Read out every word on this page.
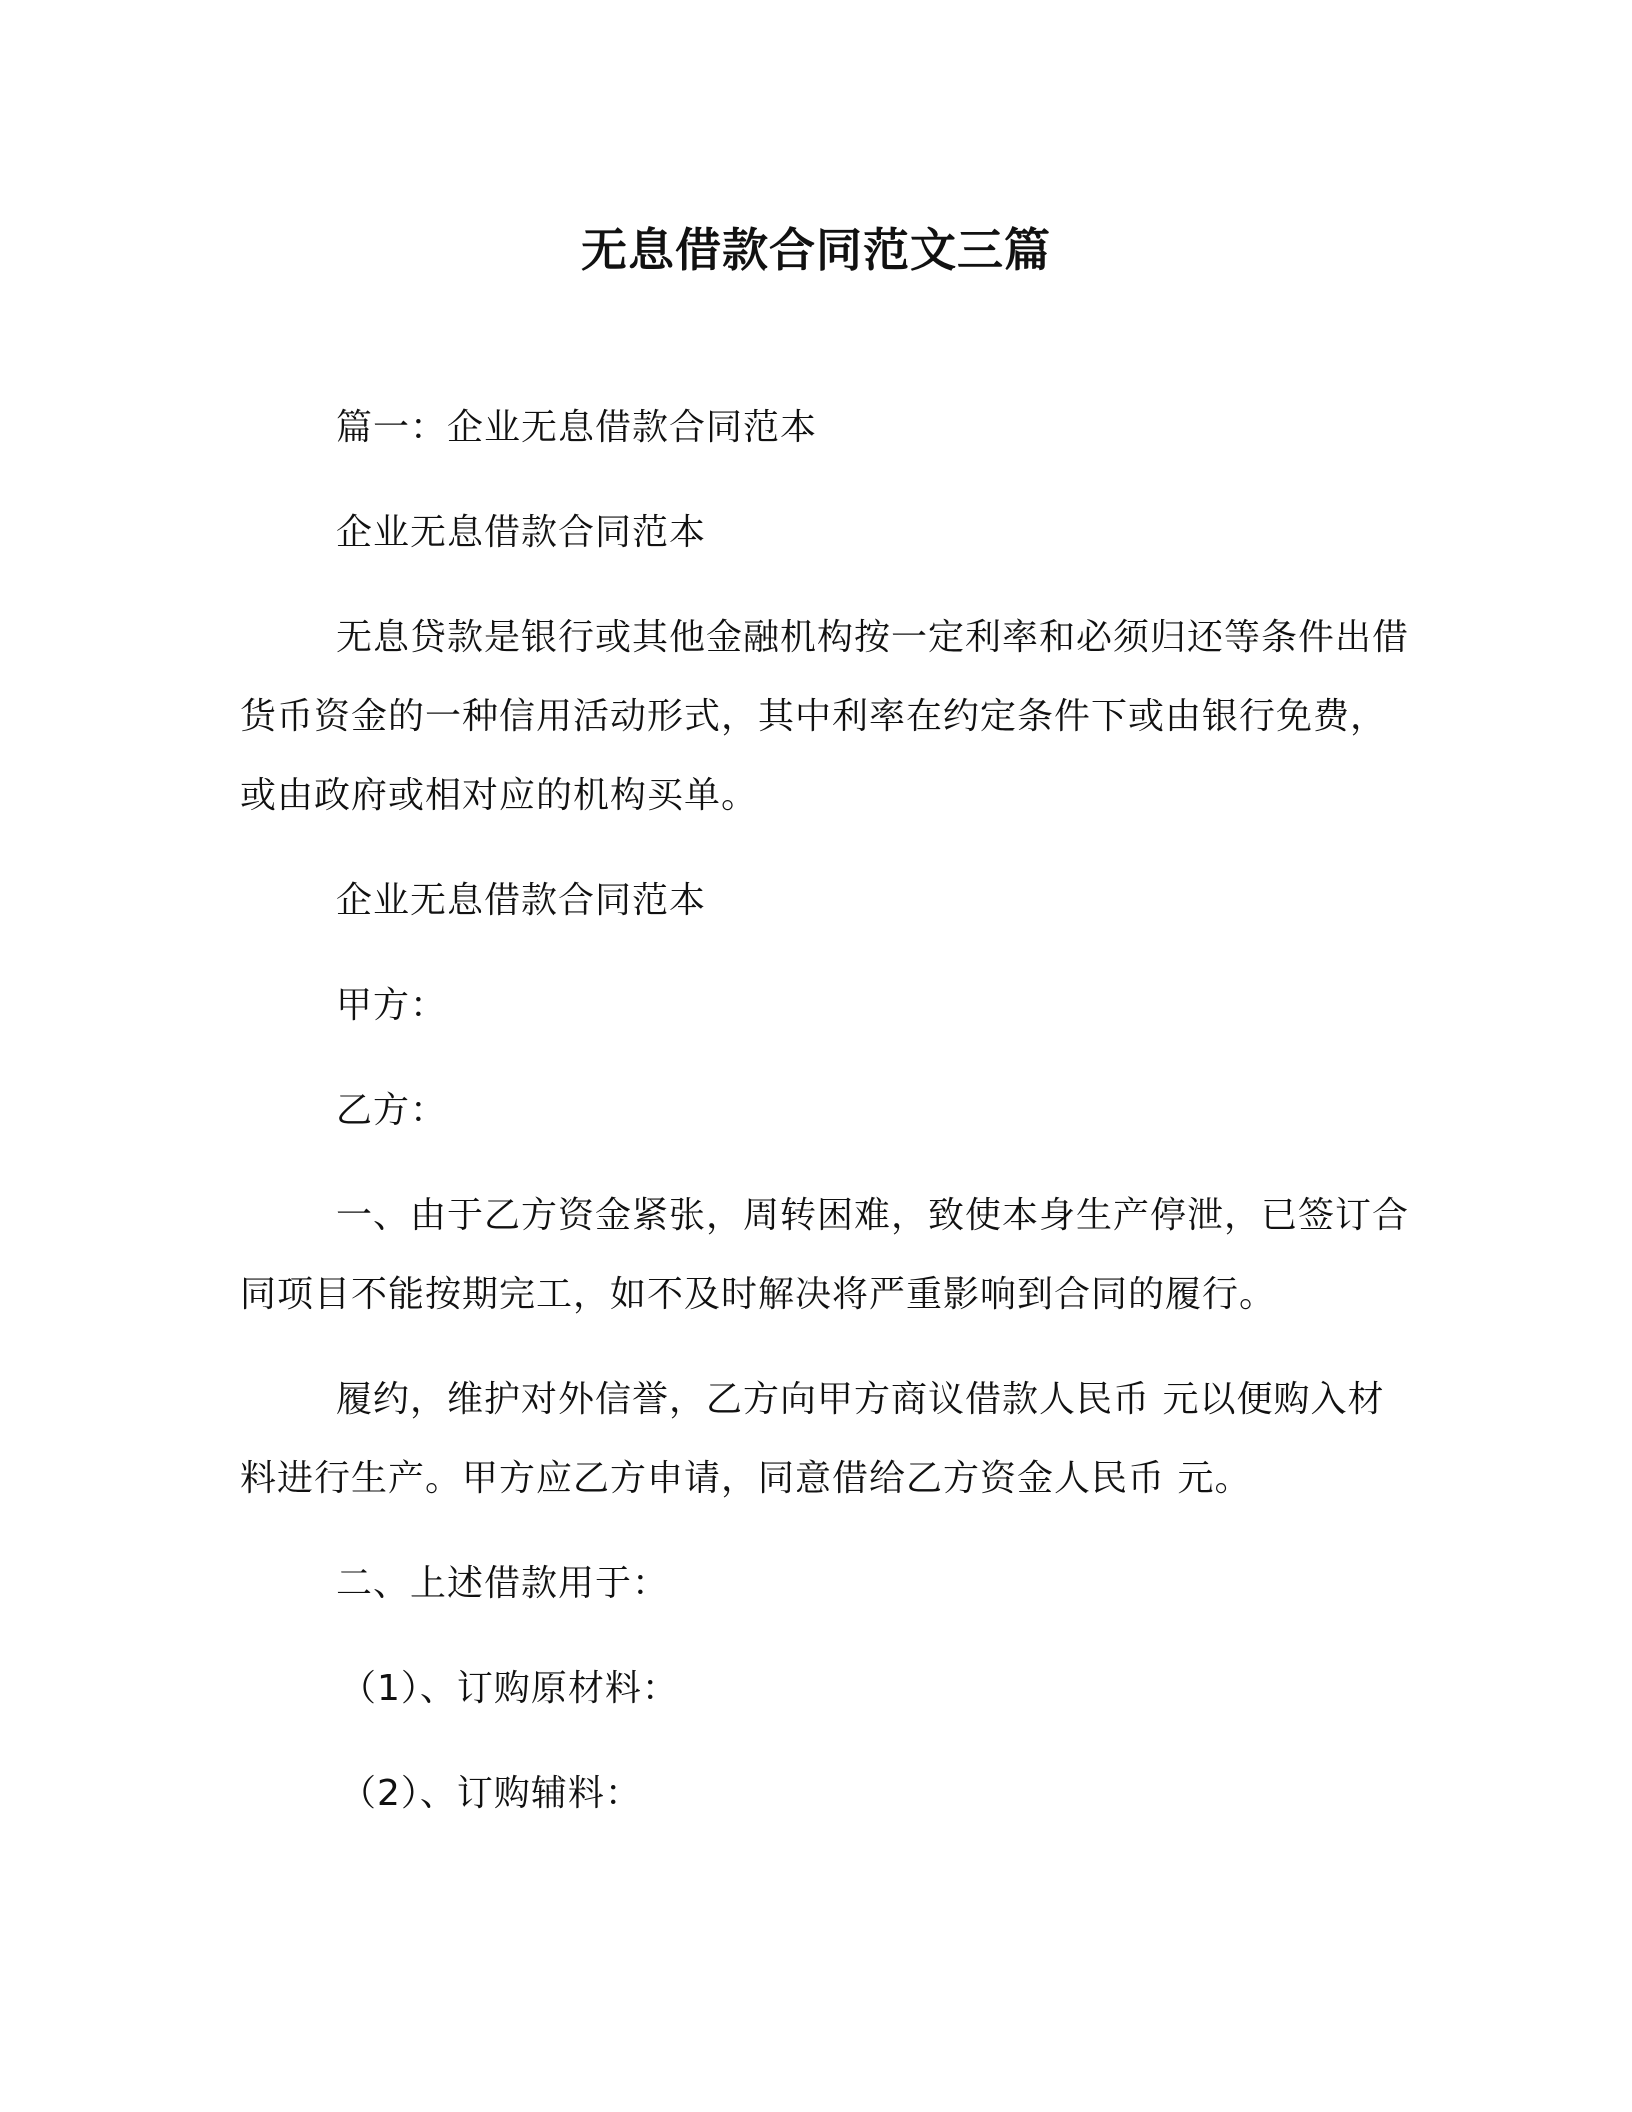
无息借款合同范文三篇

篇一：企业无息借款合同范本

企业无息借款合同范本

无息贷款是银行或其他金融机构按一定利率和必须归还等条件出借货币资金的一种信用活动形式，其中利率在约定条件下或由银行免费，或由政府或相对应的机构买单。

企业无息借款合同范本

甲方：

乙方：

一、由于乙方资金紧张，周转困难，致使本身生产停泄，已签订合同项目不能按期完工，如不及时解决将严重影响到合同的履行。

履约，维护对外信誉，乙方向甲方商议借款人民币 元以便购入材料进行生产。甲方应乙方申请，同意借给乙方资金人民币 元。

二、上述借款用于：

（1）、订购原材料：

（2）、订购辅料：
